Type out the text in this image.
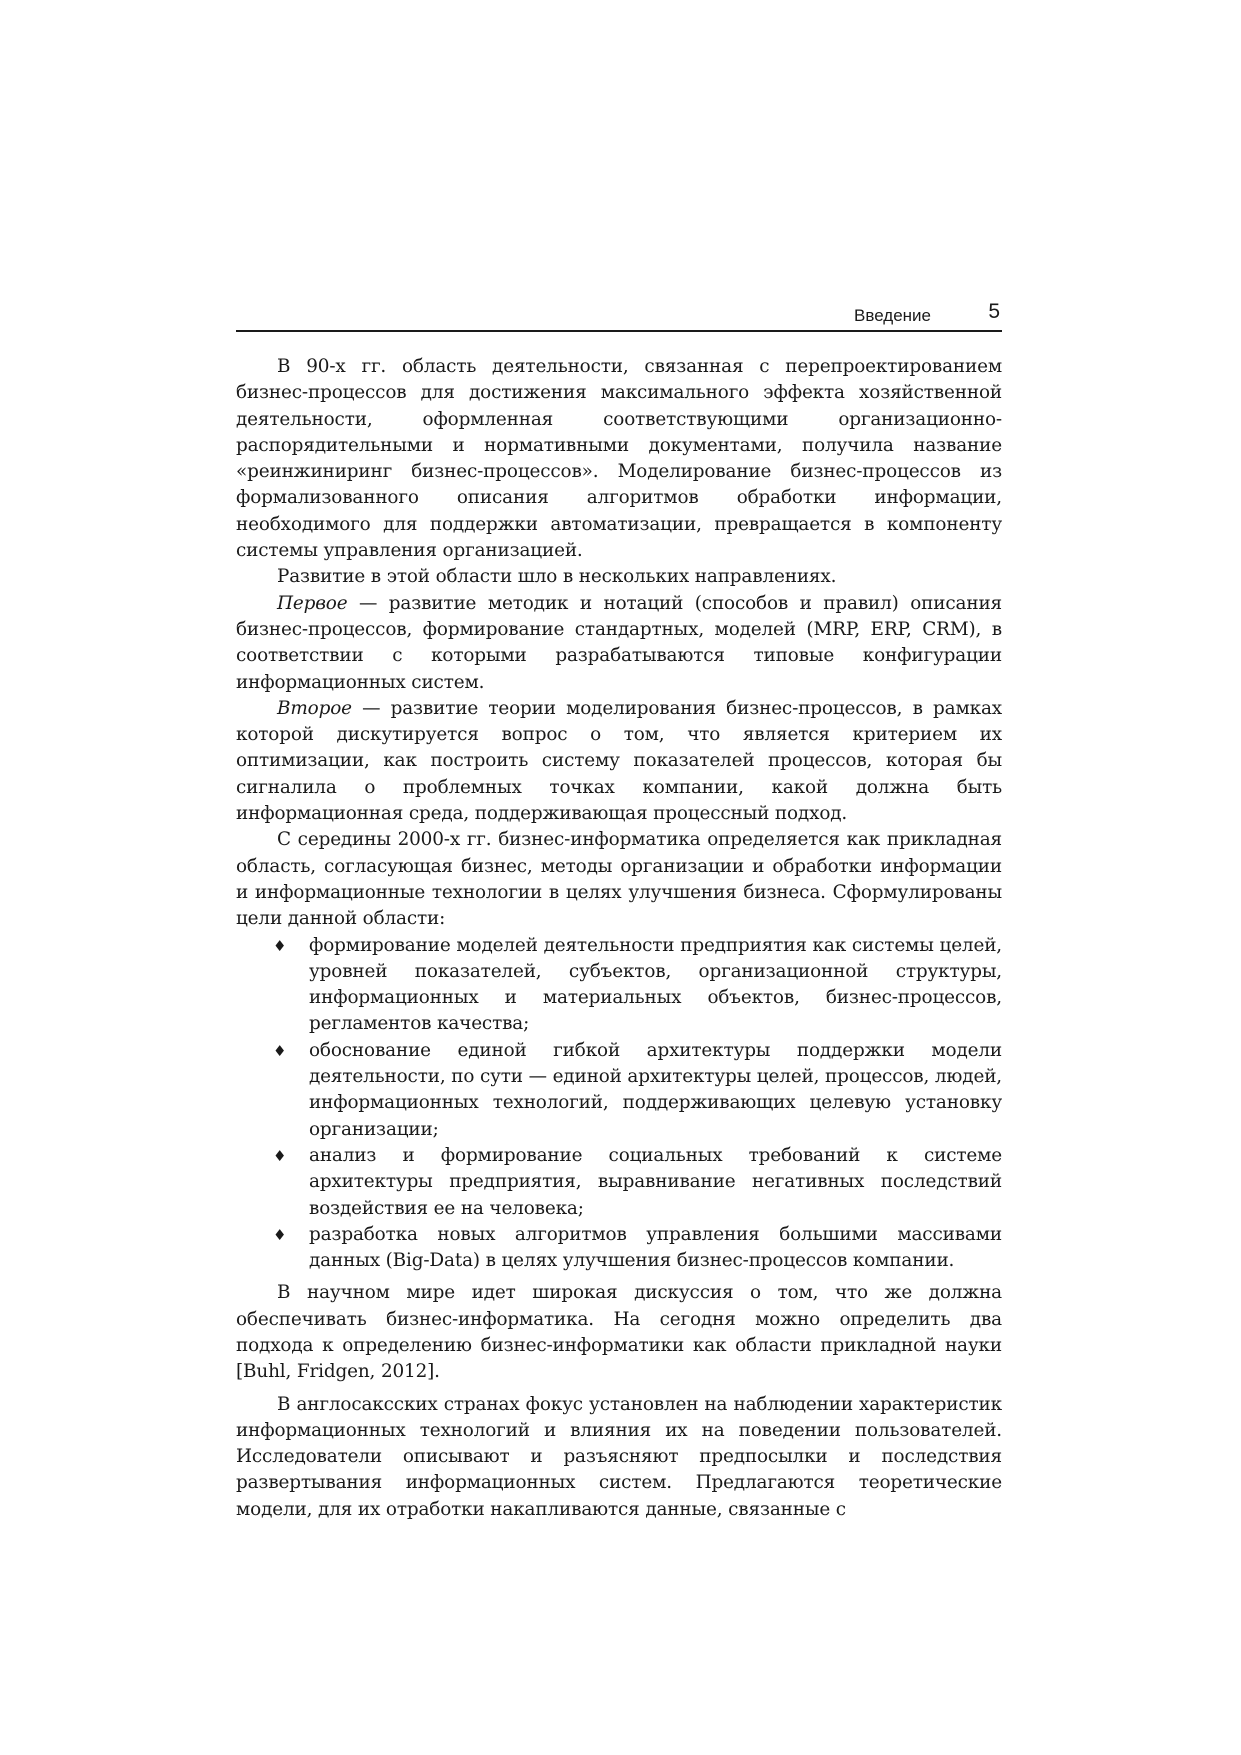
Введение	5

В 90-х гг. область деятельности, связанная с перепроектированием бизнес-процессов для достижения максимального эффекта хозяйственной деятельности, оформленная соответствующими организационно-распорядительными и нормативными документами, получила название «реинжиниринг бизнес-процессов». Моделирование бизнес-процессов из формализованного описания алгоритмов обработки информации, необходимого для поддержки автоматизации, превращается в компоненту системы управления организацией.

Развитие в этой области шло в нескольких направлениях.

Первое — развитие методик и нотаций (способов и правил) описания бизнес-процессов, формирование стандартных, моделей (MRP, ERP, CRM), в соответствии с которыми разрабатываются типовые конфигурации информационных систем.

Второе — развитие теории моделирования бизнес-процессов, в рамках которой дискутируется вопрос о том, что является критерием их оптимизации, как построить систему показателей процессов, которая бы сигналила о проблемных точках компании, какой должна быть информационная среда, поддерживающая процессный подход.

С середины 2000-х гг. бизнес-информатика определяется как прикладная область, согласующая бизнес, методы организации и обработки информации и информационные технологии в целях улучшения бизнеса. Сформулированы цели данной области:

♦ формирование моделей деятельности предприятия как системы целей, уровней показателей, субъектов, организационной структуры, информационных и материальных объектов, бизнес-процессов, регламентов качества;
♦ обоснование единой гибкой архитектуры поддержки модели деятельности, по сути — единой архитектуры целей, процессов, людей, информационных технологий, поддерживающих целевую установку организации;
♦ анализ и формирование социальных требований к системе архитектуры предприятия, выравнивание негативных последствий воздействия ее на человека;
♦ разработка новых алгоритмов управления большими массивами данных (Big-Data) в целях улучшения бизнес-процессов компании.

В научном мире идет широкая дискуссия о том, что же должна обеспечивать бизнес-информатика. На сегодня можно определить два подхода к определению бизнес-информатики как области прикладной науки [Buhl, Fridgen, 2012].

В англосаксских странах фокус установлен на наблюдении характеристик информационных технологий и влияния их на поведении пользователей. Исследователи описывают и разъясняют предпосылки и последствия развертывания информационных систем. Предлагаются теоретические модели, для их отработки накапливаются данные, связанные с
